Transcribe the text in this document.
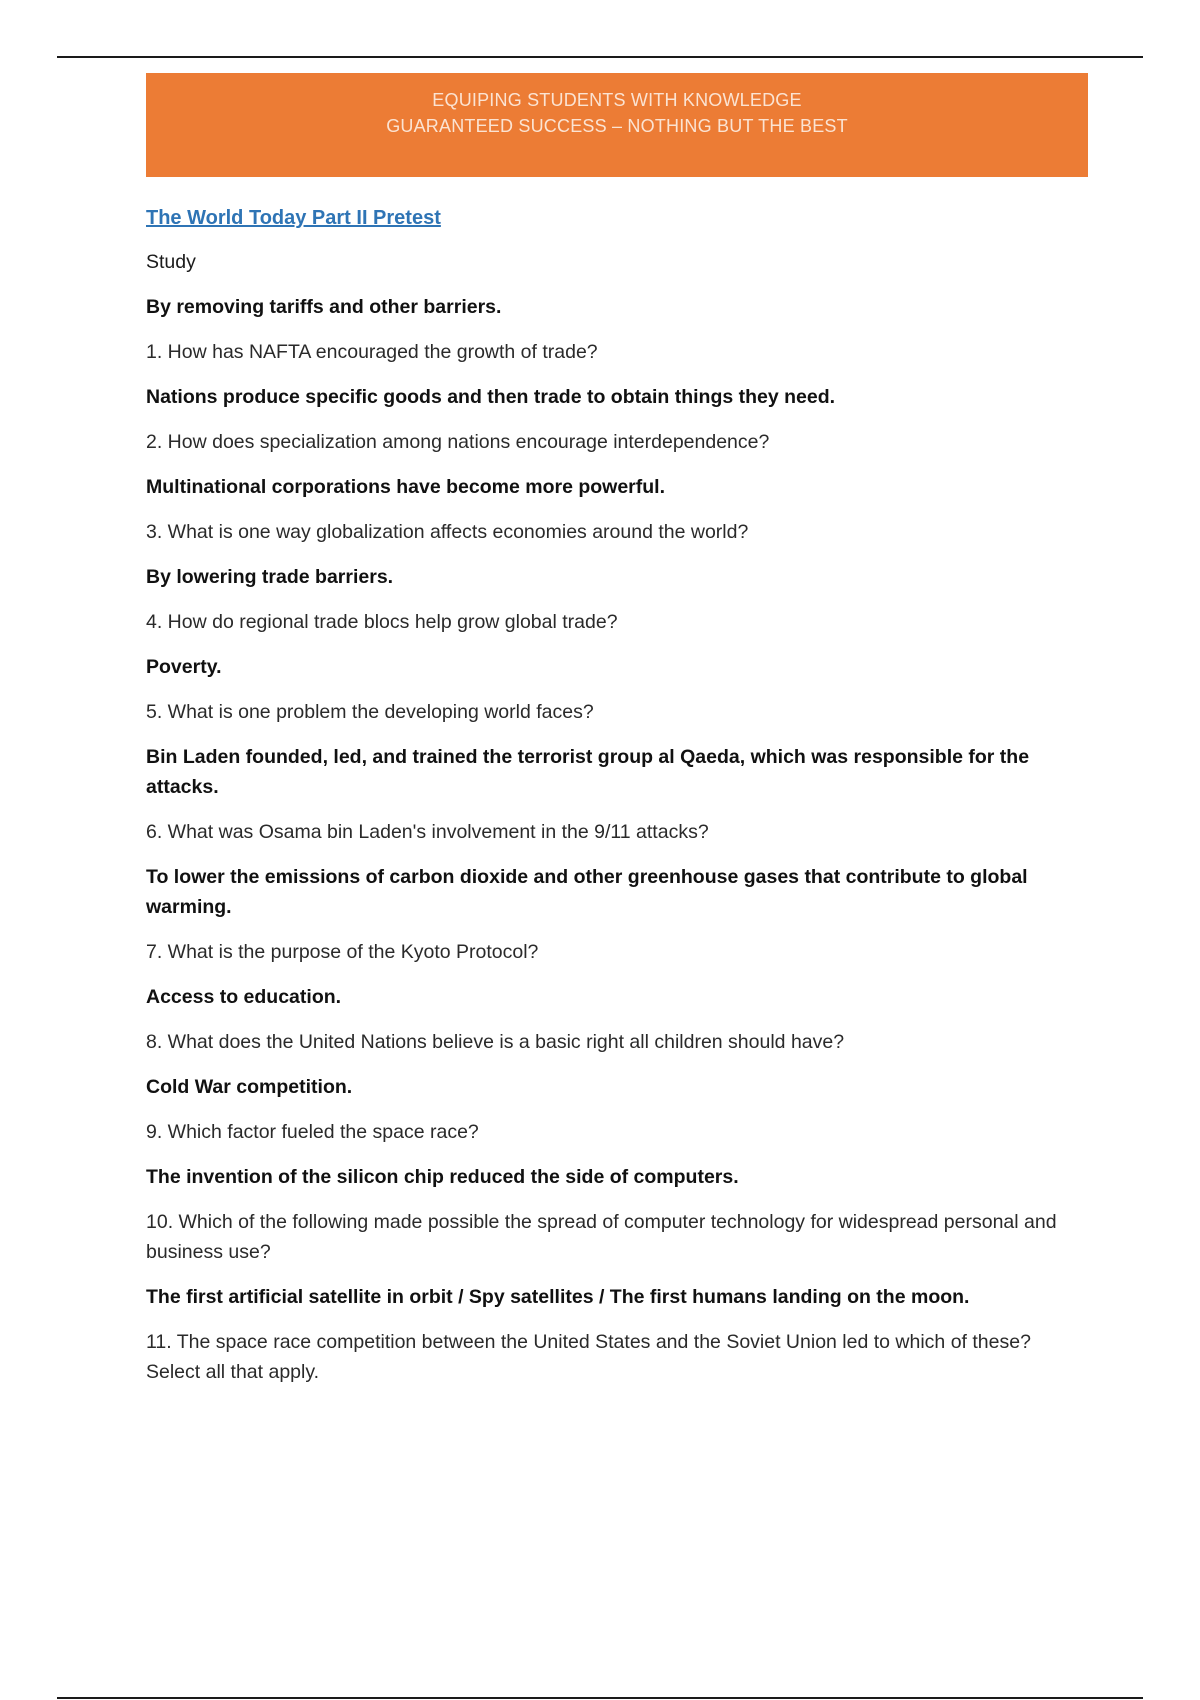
EQUIPING STUDENTS WITH KNOWLEDGE
GUARANTEED SUCCESS – NOTHING BUT THE BEST
The World Today Part II Pretest

Study

By removing tariffs and other barriers.

1. How has NAFTA encouraged the growth of trade?

Nations produce specific goods and then trade to obtain things they need.

2. How does specialization among nations encourage interdependence?

Multinational corporations have become more powerful.

3. What is one way globalization affects economies around the world?

By lowering trade barriers.

4. How do regional trade blocs help grow global trade?

Poverty.

5. What is one problem the developing world faces?

Bin Laden founded, led, and trained the terrorist group al Qaeda, which was responsible for the attacks.

6. What was Osama bin Laden's involvement in the 9/11 attacks?

To lower the emissions of carbon dioxide and other greenhouse gases that contribute to global warming.

7. What is the purpose of the Kyoto Protocol?

Access to education.

8. What does the United Nations believe is a basic right all children should have?

Cold War competition.

9. Which factor fueled the space race?

The invention of the silicon chip reduced the side of computers.

10. Which of the following made possible the spread of computer technology for widespread personal and business use?

The first artificial satellite in orbit / Spy satellites / The first humans landing on the moon.

11. The space race competition between the United States and the Soviet Union led to which of these? Select all that apply.
